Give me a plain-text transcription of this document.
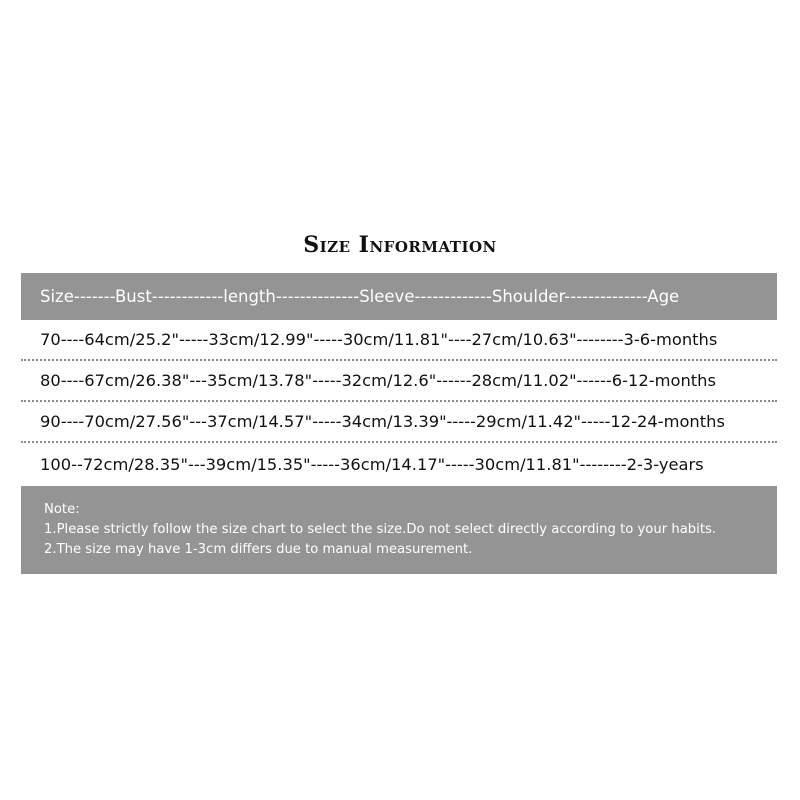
Size Information
Size-------Bust------------length--------------Sleeve-------------Shoulder--------------Age
70----64cm/25.2"-----33cm/12.99"-----30cm/11.81"----27cm/10.63"--------3-6-months
80----67cm/26.38"---35cm/13.78"-----32cm/12.6"------28cm/11.02"------6-12-months
90----70cm/27.56"---37cm/14.57"-----34cm/13.39"-----29cm/11.42"-----12-24-months
100--72cm/28.35"---39cm/15.35"-----36cm/14.17"-----30cm/11.81"--------2-3-years
Note:
1.Please strictly follow the size chart to select the size.Do not select directly according to your habits.
2.The size may have 1-3cm differs due to manual measurement.
